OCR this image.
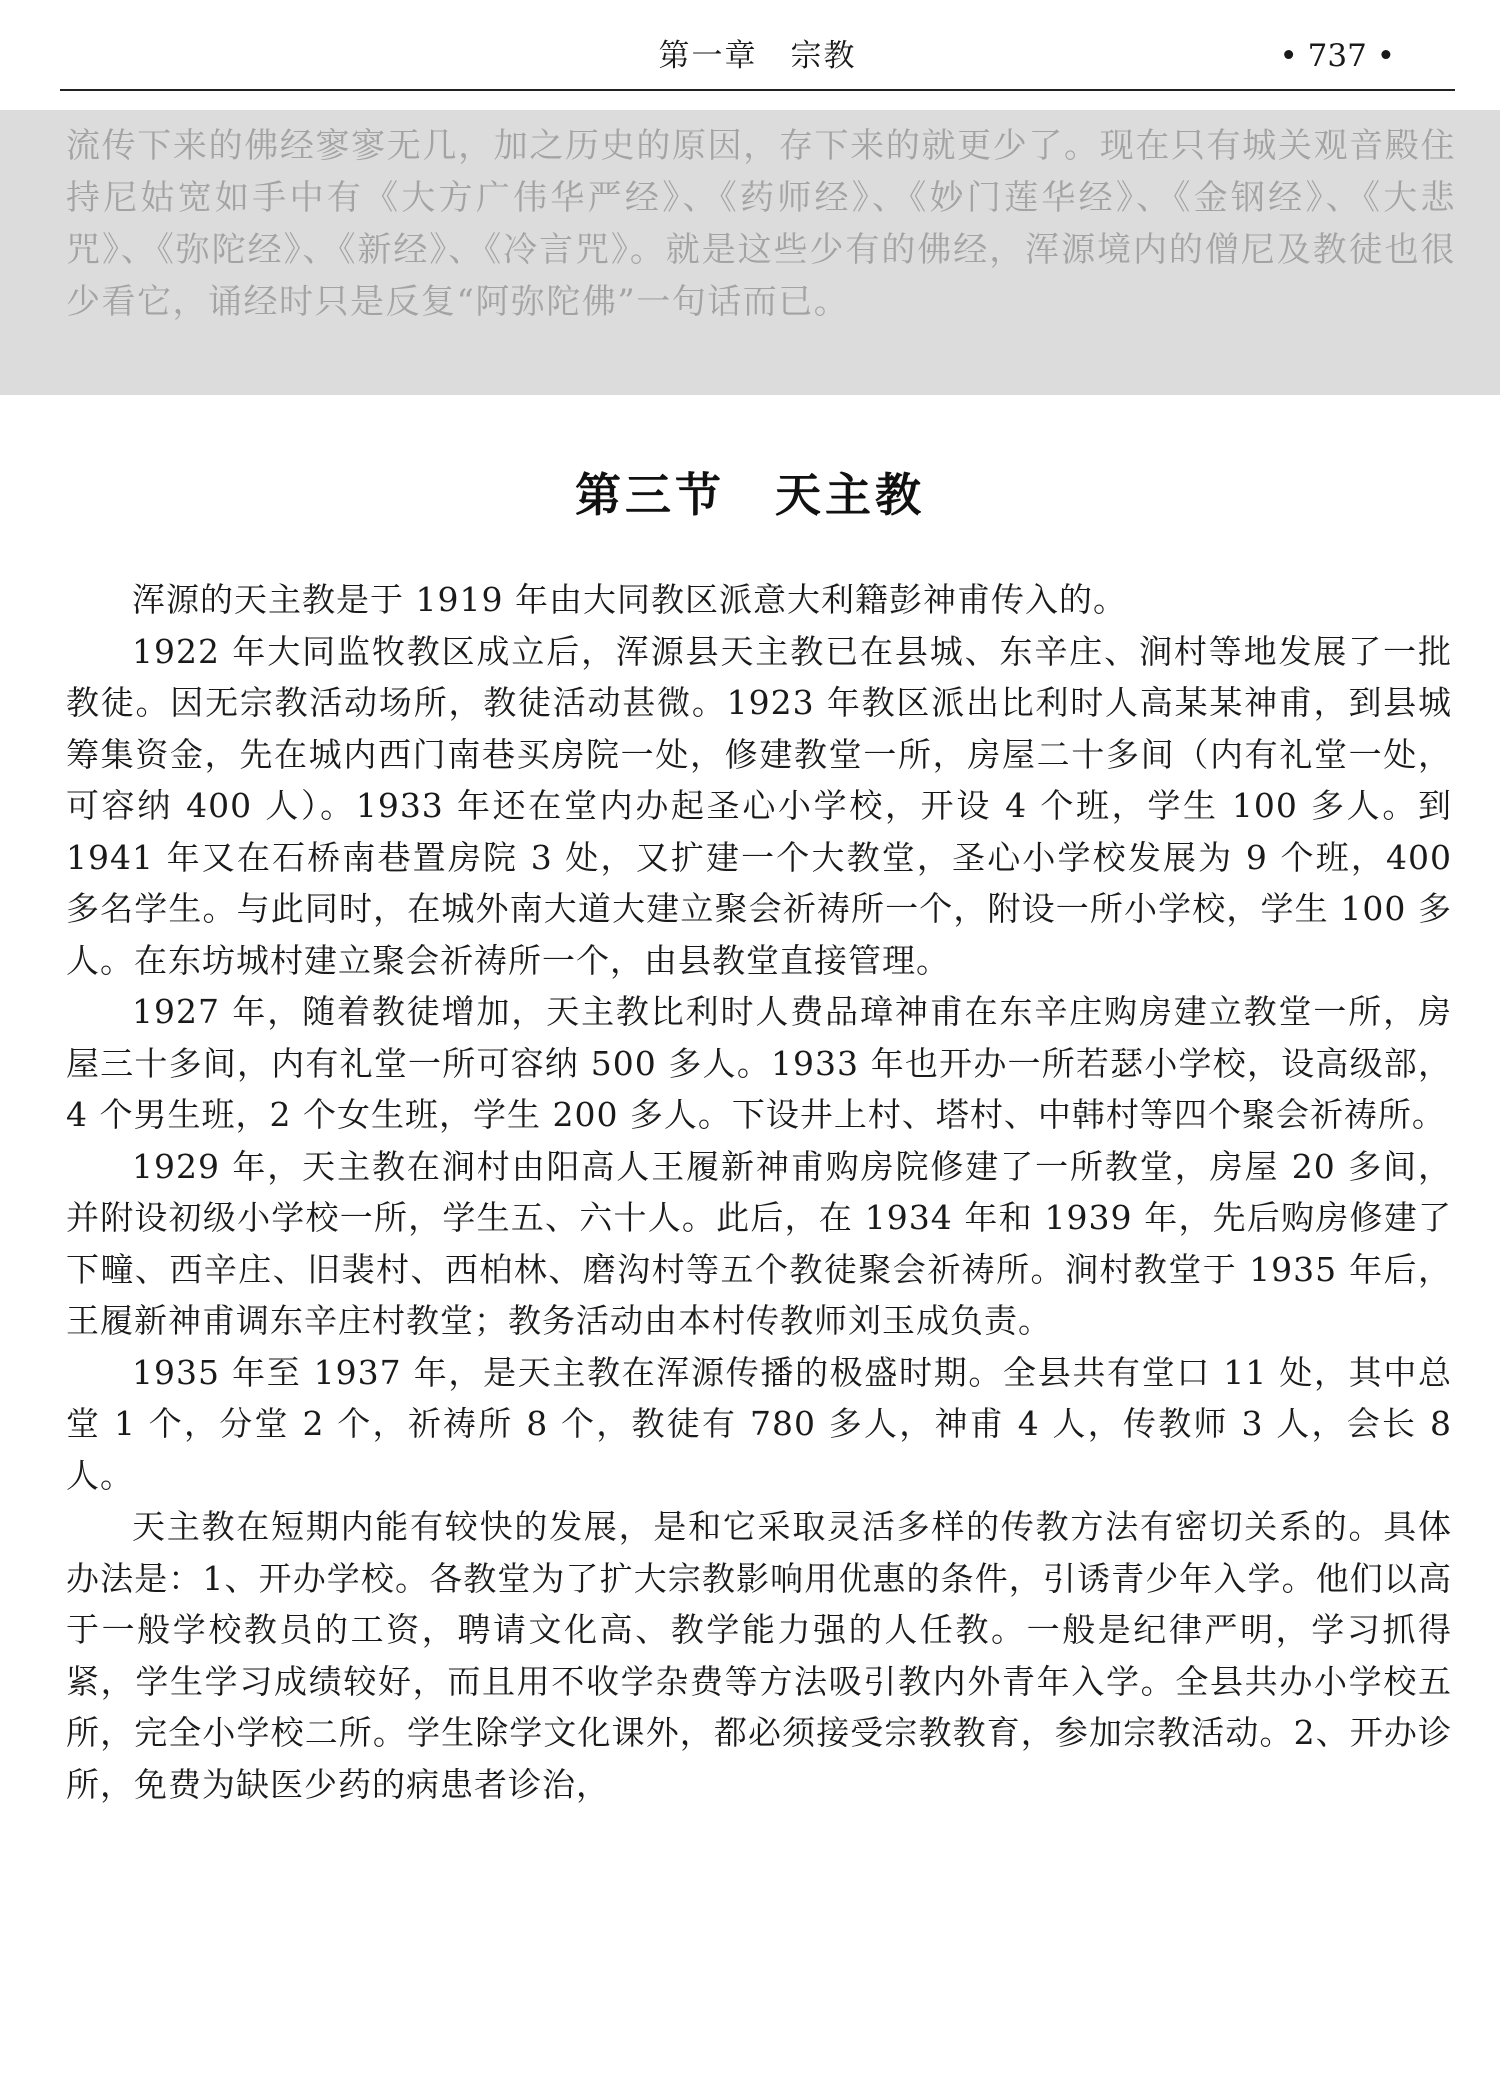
第一章　宗教	• 737 •

流传下来的佛经寥寥无几，加之历史的原因，存下来的就更少了。现在只有城关观音殿住持尼姑宽如手中有《大方广伟华严经》、《药师经》、《妙门莲华经》、《金钢经》、《大悲咒》、《弥陀经》、《新经》、《冷言咒》。就是这些少有的佛经，浑源境内的僧尼及教徒也很少看它，诵经时只是反复“阿弥陀佛”一句话而已。

第三节　天主教

浑源的天主教是于 1919 年由大同教区派意大利籍彭神甫传入的。

1922 年大同监牧教区成立后，浑源县天主教已在县城、东辛庄、涧村等地发展了一批教徒。因无宗教活动场所，教徒活动甚微。1923 年教区派出比利时人高某某神甫，到县城筹集资金，先在城内西门南巷买房院一处，修建教堂一所，房屋二十多间（内有礼堂一处，可容纳 400 人）。1933 年还在堂内办起圣心小学校，开设 4 个班，学生 100 多人。到 1941 年又在石桥南巷置房院 3 处，又扩建一个大教堂，圣心小学校发展为 9 个班，400 多名学生。与此同时，在城外南大道大建立聚会祈祷所一个，附设一所小学校，学生 100 多人。在东坊城村建立聚会祈祷所一个，由县教堂直接管理。

1927 年，随着教徒增加，天主教比利时人费品璋神甫在东辛庄购房建立教堂一所，房屋三十多间，内有礼堂一所可容纳 500 多人。1933 年也开办一所若瑟小学校，设高级部，4 个男生班，2 个女生班，学生 200 多人。下设井上村、塔村、中韩村等四个聚会祈祷所。

1929 年，天主教在涧村由阳高人王履新神甫购房院修建了一所教堂，房屋 20 多间，并附设初级小学校一所，学生五、六十人。此后，在 1934 年和 1939 年，先后购房修建了下疃、西辛庄、旧裴村、西柏林、磨沟村等五个教徒聚会祈祷所。涧村教堂于 1935 年后，王履新神甫调东辛庄村教堂；教务活动由本村传教师刘玉成负责。

1935 年至 1937 年，是天主教在浑源传播的极盛时期。全县共有堂口 11 处，其中总堂 1 个，分堂 2 个，祈祷所 8 个，教徒有 780 多人，神甫 4 人，传教师 3 人，会长 8 人。

天主教在短期内能有较快的发展，是和它采取灵活多样的传教方法有密切关系的。具体办法是：1、开办学校。各教堂为了扩大宗教影响用优惠的条件，引诱青少年入学。他们以高于一般学校教员的工资，聘请文化高、教学能力强的人任教。一般是纪律严明，学习抓得紧，学生学习成绩较好，而且用不收学杂费等方法吸引教内外青年入学。全县共办小学校五所，完全小学校二所。学生除学文化课外，都必须接受宗教教育，参加宗教活动。2、开办诊所，免费为缺医少药的病患者诊治，
